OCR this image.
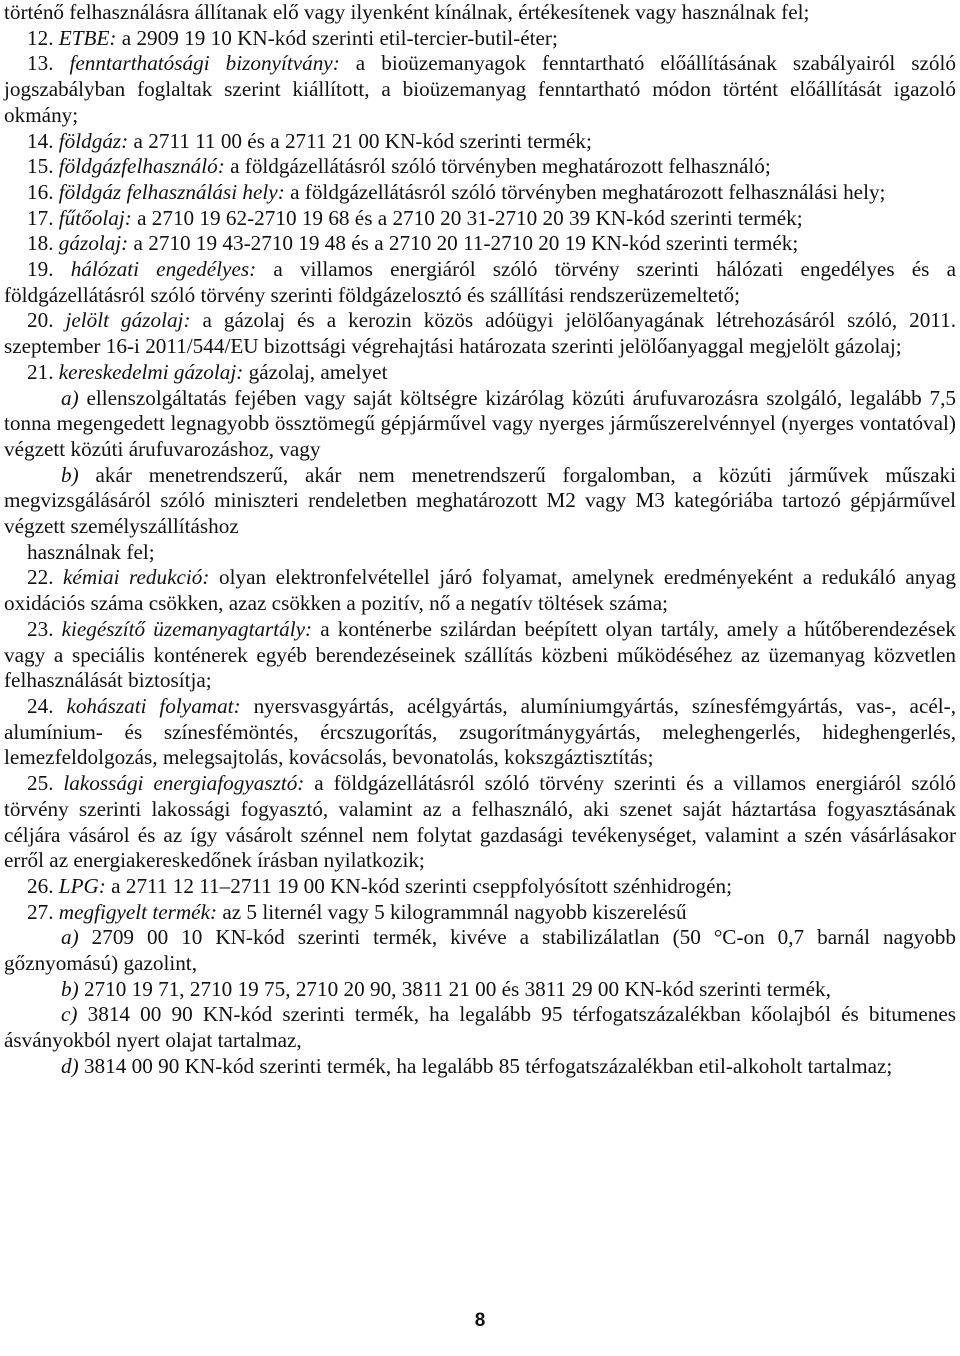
történő felhasználásra állítanak elő vagy ilyenként kínálnak, értékesítenek vagy használnak fel;

12. ETBE: a 2909 19 10 KN-kód szerinti etil-tercier-butil-éter;

13. fenntarthatósági bizonyítvány: a bioüzemanyagok fenntartható előállításának szabályairól szóló jogszabályban foglaltak szerint kiállított, a bioüzemanyag fenntartható módon történt előállítását igazoló okmány;

14. földgáz: a 2711 11 00 és a 2711 21 00 KN-kód szerinti termék;

15. földgázfelhasználó: a földgázellátásról szóló törvényben meghatározott felhasználó;

16. földgáz felhasználási hely: a földgázellátásról szóló törvényben meghatározott felhasználási hely;

17. fűtőolaj: a 2710 19 62-2710 19 68 és a 2710 20 31-2710 20 39 KN-kód szerinti termék;

18. gázolaj: a 2710 19 43-2710 19 48 és a 2710 20 11-2710 20 19 KN-kód szerinti termék;

19. hálózati engedélyes: a villamos energiáról szóló törvény szerinti hálózati engedélyes és a földgázellátásról szóló törvény szerinti földgázelosztó és szállítási rendszerüzemeltető;

20. jelölt gázolaj: a gázolaj és a kerozin közös adóügyi jelölőanyagának létrehozásáról szóló, 2011. szeptember 16-i 2011/544/EU bizottsági végrehajtási határozata szerinti jelölőanyaggal megjelölt gázolaj;

21. kereskedelmi gázolaj: gázolaj, amelyet

a) ellenszolgáltatás fejében vagy saját költségre kizárólag közúti árufuvarozásra szolgáló, legalább 7,5 tonna megengedett legnagyobb össztömegű gépjárművel vagy nyerges járműszerelvénnyel (nyerges vontatóval) végzett közúti árufuvarozáshoz, vagy

b) akár menetrendszerű, akár nem menetrendszerű forgalomban, a közúti járművek műszaki megvizsgálásáról szóló miniszteri rendeletben meghatározott M2 vagy M3 kategóriába tartozó gépjárművel végzett személyszállításhoz

használnak fel;

22. kémiai redukció: olyan elektronfelvétellel járó folyamat, amelynek eredményeként a redukáló anyag oxidációs száma csökken, azaz csökken a pozitív, nő a negatív töltések száma;

23. kiegészítő üzemanyagtartály: a konténerbe szilárdan beépített olyan tartály, amely a hűtőberendezések vagy a speciális konténerek egyéb berendezéseinek szállítás közbeni működéséhez az üzemanyag közvetlen felhasználását biztosítja;

24. kohászati folyamat: nyersvasgyártás, acélgyártás, alumíniumgyártás, színesfémgyártás, vas-, acél-, alumínium- és színesfémöntés, ércszugorítás, zsugorítmánygyártás, meleghengerlés, hideghengerlés, lemezfeldolgozás, melegsajtolás, kovácsolás, bevonatolás, kokszgáztisztítás;

25. lakossági energiafogyasztó: a földgázellátásról szóló törvény szerinti és a villamos energiáról szóló törvény szerinti lakossági fogyasztó, valamint az a felhasználó, aki szenet saját háztartása fogyasztásának céljára vásárol és az így vásárolt szénnel nem folytat gazdasági tevékenységet, valamint a szén vásárlásakor erről az energiakereskedőnek írásban nyilatkozik;

26. LPG: a 2711 12 11–2711 19 00 KN-kód szerinti cseppfolyósított szénhidrogén;

27. megfigyelt termék: az 5 liternél vagy 5 kilogrammnál nagyobb kiszerelésű

a) 2709 00 10 KN-kód szerinti termék, kivéve a stabilizálatlan (50 °C-on 0,7 barnál nagyobb gőznyomású) gazolint,

b) 2710 19 71, 2710 19 75, 2710 20 90, 3811 21 00 és 3811 29 00 KN-kód szerinti termék,

c) 3814 00 90 KN-kód szerinti termék, ha legalább 95 térfogatszázalékban kőolajból és bitumenes ásványokból nyert olajat tartalmaz,

d) 3814 00 90 KN-kód szerinti termék, ha legalább 85 térfogatszázalékban etil-alkoholt tartalmaz;

8
